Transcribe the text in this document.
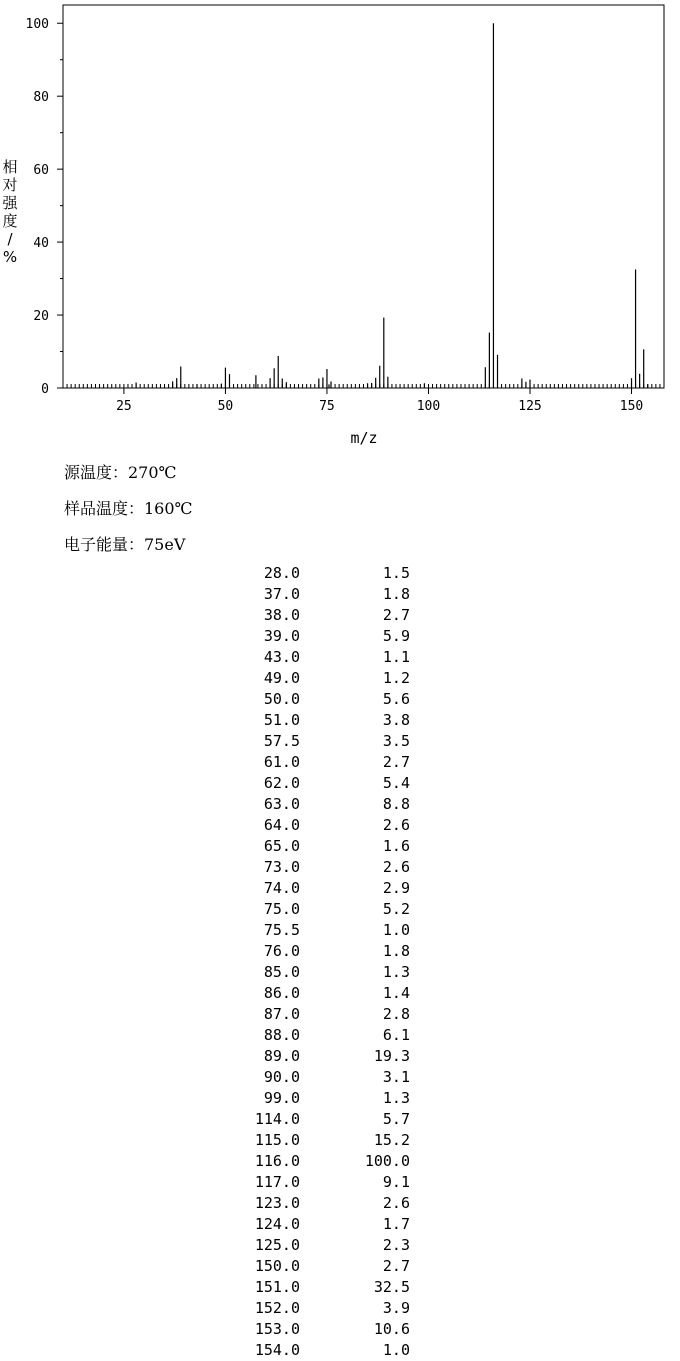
25	50	75	100	125	150
0
20
40
60
80
100
m/z
相
对
强
度
/
%
源温度：270℃
样品温度：160℃
电子能量：75eV
28.0	1.5
37.0	1.8
38.0	2.7
39.0	5.9
43.0	1.1
49.0	1.2
50.0	5.6
51.0	3.8
57.5	3.5
61.0	2.7
62.0	5.4
63.0	8.8
64.0	2.6
65.0	1.6
73.0	2.6
74.0	2.9
75.0	5.2
75.5	1.0
76.0	1.8
85.0	1.3
86.0	1.4
87.0	2.8
88.0	6.1
89.0	19.3
90.0	3.1
99.0	1.3
114.0	5.7
115.0	15.2
116.0	100.0
117.0	9.1
123.0	2.6
124.0	1.7
125.0	2.3
150.0	2.7
151.0	32.5
152.0	3.9
153.0	10.6
154.0	1.0
